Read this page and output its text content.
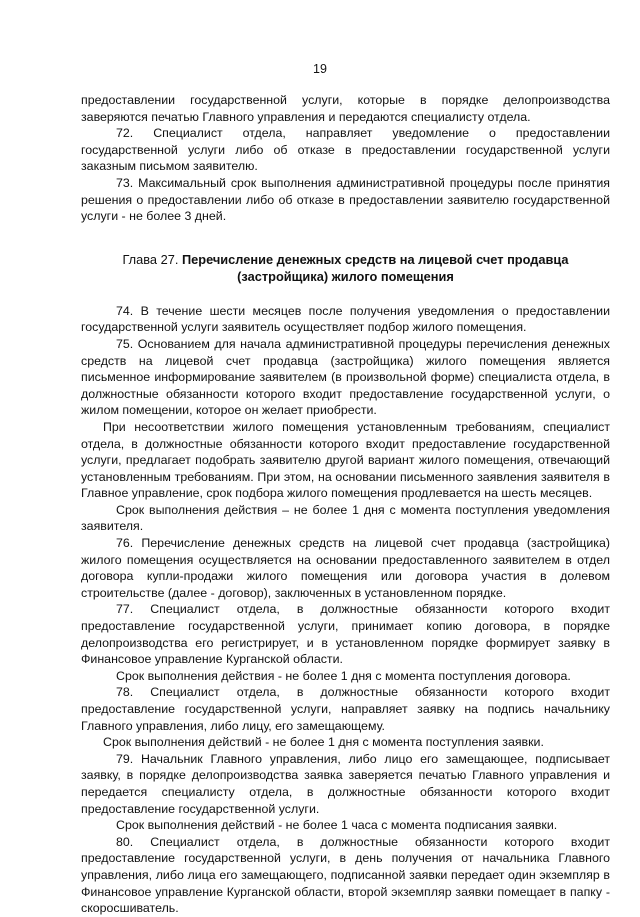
19

предоставлении государственной услуги, которые в порядке делопроизводства заверяются печатью Главного управления и передаются специалисту отдела.

72. Специалист отдела, направляет уведомление о предоставлении государственной услуги либо об отказе в предоставлении государственной услуги заказным письмом заявителю.

73. Максимальный срок выполнения административной процедуры после принятия решения о предоставлении либо об отказе в предоставлении заявителю государственной услуги - не более 3 дней.

Глава 27. Перечисление денежных средств на лицевой счет продавца (застройщика) жилого помещения

74. В течение шести месяцев после получения уведомления о предоставлении государственной услуги заявитель осуществляет подбор жилого помещения.

75. Основанием для начала административной процедуры перечисления денежных средств на лицевой счет продавца (застройщика) жилого помещения является письменное информирование заявителем (в произвольной форме) специалиста отдела, в должностные обязанности которого входит предоставление государственной услуги, о жилом помещении, которое он желает приобрести.

При несоответствии жилого помещения установленным требованиям, специалист отдела, в должностные обязанности которого входит предоставление государственной услуги, предлагает подобрать заявителю другой вариант жилого помещения, отвечающий установленным требованиям. При этом, на основании письменного заявления заявителя в Главное управление, срок подбора жилого помещения продлевается на шесть месяцев.

Срок выполнения действия – не более 1 дня с момента поступления уведомления заявителя.

76. Перечисление денежных средств на лицевой счет продавца (застройщика) жилого помещения осуществляется на основании предоставленного заявителем в отдел договора купли-продажи жилого помещения или договора участия в долевом строительстве (далее - договор), заключенных в установленном порядке.

77. Специалист отдела, в должностные обязанности которого входит предоставление государственной услуги, принимает копию договора, в порядке делопроизводства его регистрирует, и в установленном порядке формирует заявку в Финансовое управление Курганской области.

Срок выполнения действия - не более 1 дня с момента поступления договора.

78. Специалист отдела, в должностные обязанности которого входит предоставление государственной услуги, направляет заявку на подпись начальнику Главного управления, либо лицу, его замещающему.

Срок выполнения действий - не более 1 дня с момента поступления заявки.

79. Начальник Главного управления, либо лицо его замещающее, подписывает заявку, в порядке делопроизводства заявка заверяется печатью Главного управления и передается специалисту отдела, в должностные обязанности которого входит предоставление государственной услуги.

Срок выполнения действий - не более 1 часа с момента подписания заявки.

80. Специалист отдела, в должностные обязанности которого входит предоставление государственной услуги, в день получения от начальника Главного управления, либо лица его замещающего, подписанной заявки передает один экземпляр в Финансовое управление Курганской области, второй экземпляр заявки помещает в папку - скоросшиватель.
